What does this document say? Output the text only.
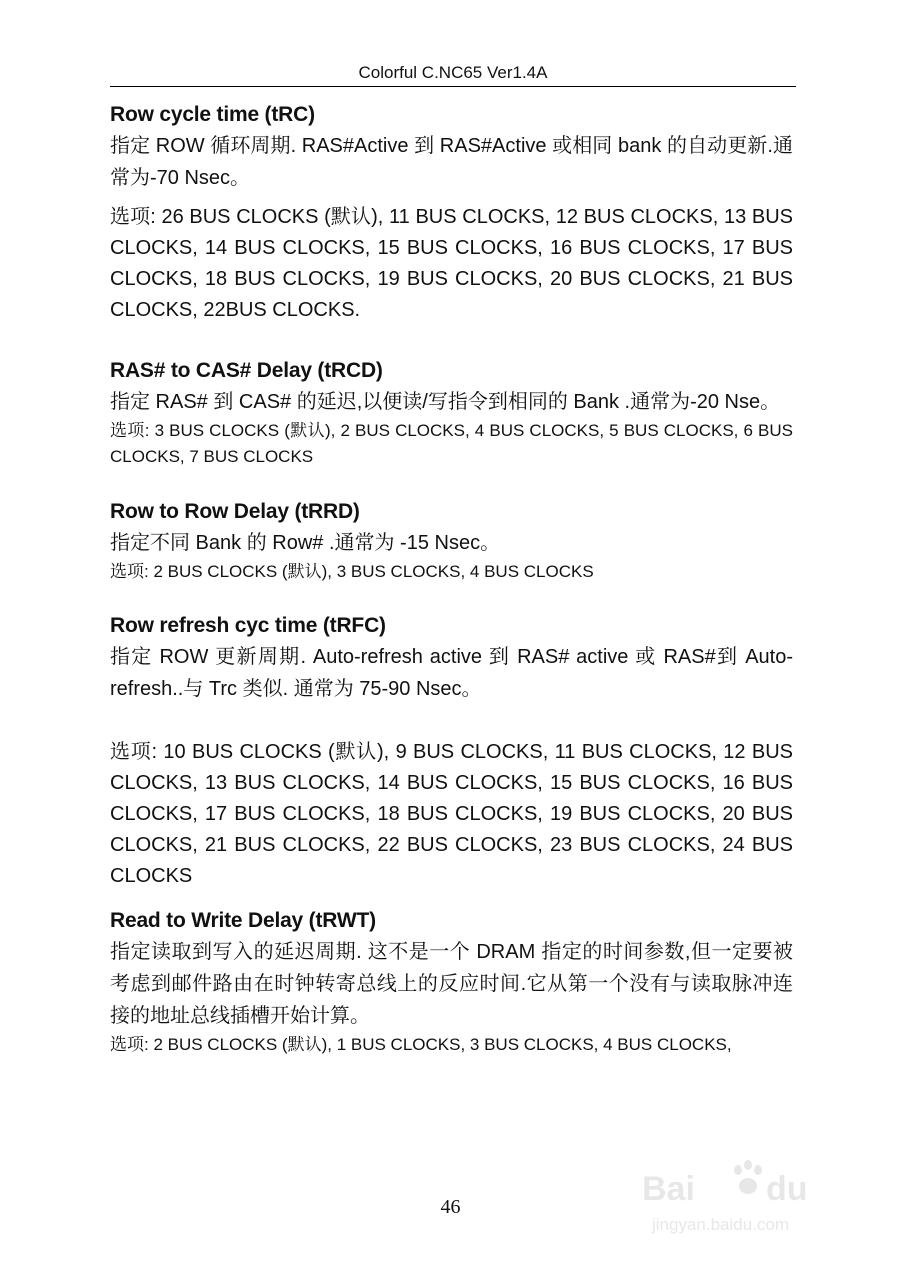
Colorful C.NC65 Ver1.4A

Row cycle time (tRC)

指定 ROW 循环周期. RAS#Active 到 RAS#Active 或相同 bank 的自动更新.通常为-70 Nsec。

选项: 26 BUS CLOCKS (默认), 11 BUS CLOCKS, 12 BUS CLOCKS, 13 BUS CLOCKS, 14 BUS CLOCKS, 15 BUS CLOCKS, 16 BUS CLOCKS, 17 BUS CLOCKS, 18 BUS CLOCKS, 19 BUS CLOCKS, 20 BUS CLOCKS, 21 BUS CLOCKS, 22BUS CLOCKS.

RAS# to CAS# Delay (tRCD)

指定 RAS# 到 CAS# 的延迟,以便读/写指令到相同的 Bank .通常为-20 Nse。

选项: 3 BUS CLOCKS (默认), 2 BUS CLOCKS, 4 BUS CLOCKS, 5 BUS CLOCKS, 6 BUS CLOCKS, 7 BUS CLOCKS

Row to Row Delay (tRRD)

指定不同 Bank 的 Row# .通常为 -15 Nsec。

选项: 2 BUS CLOCKS (默认), 3 BUS CLOCKS, 4 BUS CLOCKS

Row refresh cyc time (tRFC)

指定 ROW 更新周期. Auto-refresh active 到 RAS# active 或 RAS#到 Auto-refresh..与 Trc 类似. 通常为 75-90 Nsec。

选项: 10 BUS CLOCKS (默认), 9 BUS CLOCKS, 11 BUS CLOCKS, 12 BUS CLOCKS, 13 BUS CLOCKS, 14 BUS CLOCKS, 15 BUS CLOCKS, 16 BUS CLOCKS, 17 BUS CLOCKS, 18 BUS CLOCKS, 19 BUS CLOCKS, 20 BUS CLOCKS, 21 BUS CLOCKS, 22 BUS CLOCKS, 23 BUS CLOCKS, 24 BUS CLOCKS

Read to Write Delay (tRWT)

指定读取到写入的延迟周期. 这不是一个 DRAM 指定的时间参数,但一定要被考虑到邮件路由在时钟转寄总线上的反应时间.它从第一个没有与读取脉冲连接的地址总线插槽开始计算。

选项: 2 BUS CLOCKS (默认), 1 BUS CLOCKS, 3 BUS CLOCKS, 4 BUS CLOCKS,

46	Bai du
jingyan.baidu.com
